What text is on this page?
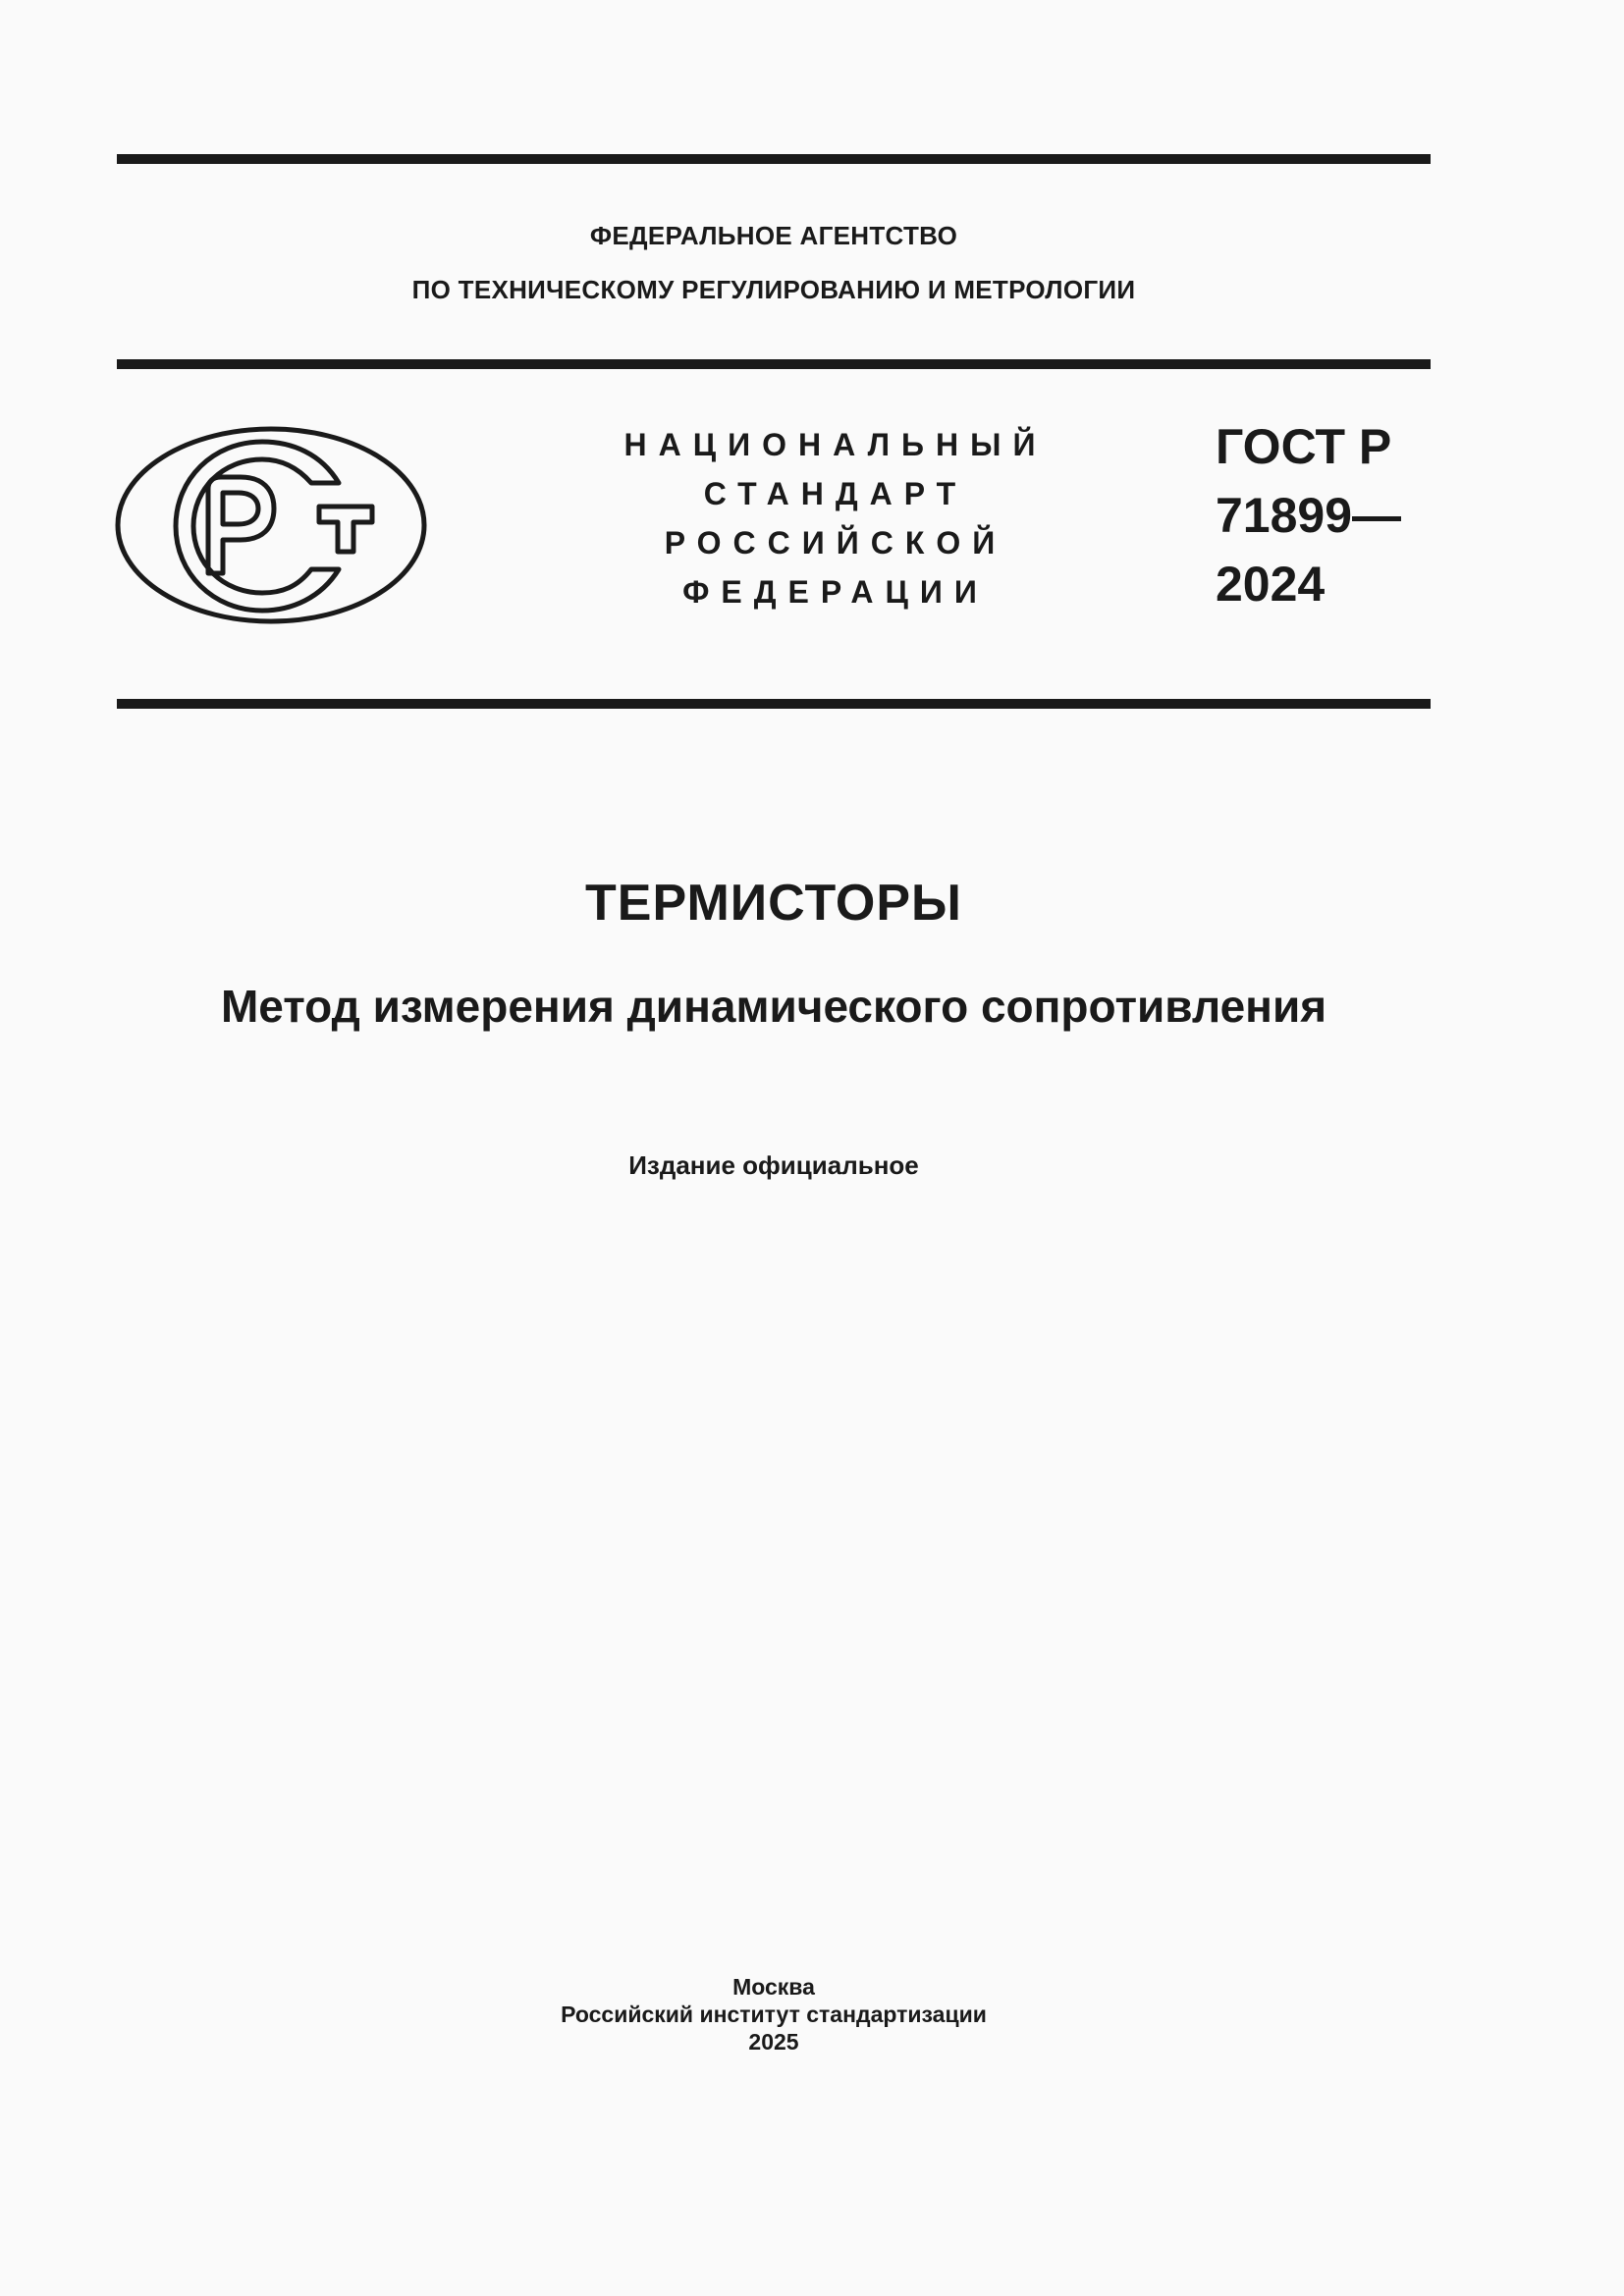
ФЕДЕРАЛЬНОЕ АГЕНТСТВО
ПО ТЕХНИЧЕСКОМУ РЕГУЛИРОВАНИЮ И МЕТРОЛОГИИ
НАЦИОНАЛЬНЫЙ
СТАНДАРТ
РОССИЙСКОЙ
ФЕДЕРАЦИИ
ГОСТ Р
71899—
2024
ТЕРМИСТОРЫ
Метод измерения динамического сопротивления
Издание официальное
Москва
Российский институт стандартизации
2025
